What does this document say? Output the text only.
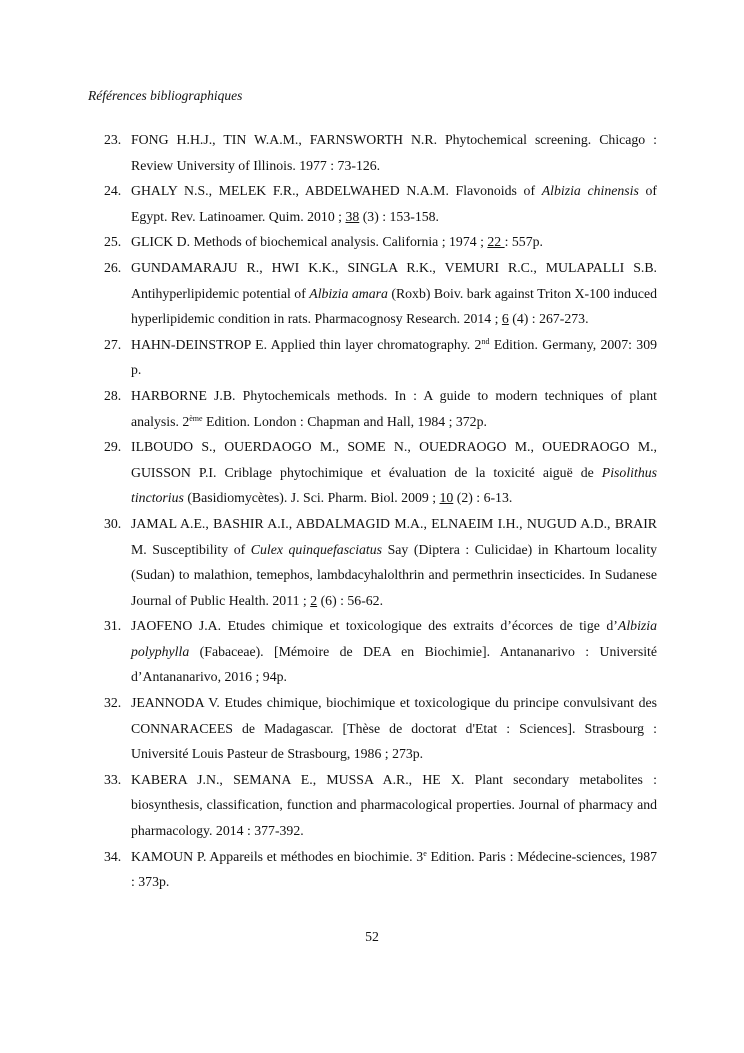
Références bibliographiques
23. FONG H.H.J., TIN W.A.M., FARNSWORTH N.R. Phytochemical screening. Chicago : Review University of Illinois. 1977 : 73-126.
24. GHALY N.S., MELEK F.R., ABDELWAHED N.A.M. Flavonoids of Albizia chinensis of Egypt. Rev. Latinoamer. Quim. 2010 ; 38 (3) : 153-158.
25. GLICK D. Methods of biochemical analysis. California ; 1974 ; 22 : 557p.
26. GUNDAMARAJU R., HWI K.K., SINGLA R.K., VEMURI R.C., MULAPALLI S.B. Antihyperlipidemic potential of Albizia amara (Roxb) Boiv. bark against Triton X-100 induced hyperlipidemic condition in rats. Pharmacognosy Research. 2014 ; 6 (4) : 267-273.
27. HAHN-DEINSTROP E. Applied thin layer chromatography. 2nd Edition. Germany, 2007: 309 p.
28. HARBORNE J.B. Phytochemicals methods. In : A guide to modern techniques of plant analysis. 2ème Edition. London : Chapman and Hall, 1984 ; 372p.
29. ILBOUDO S., OUERDAOGO M., SOME N., OUEDRAOGO M., OUEDRAOGO M., GUISSON P.I. Criblage phytochimique et évaluation de la toxicité aiguë de Pisolithus tinctorius (Basidiomycètes). J. Sci. Pharm. Biol. 2009 ; 10 (2) : 6-13.
30. JAMAL A.E., BASHIR A.I., ABDALMAGID M.A., ELNAEIM I.H., NUGUD A.D., BRAIR M. Susceptibility of Culex quinquefasciatus Say (Diptera : Culicidae) in Khartoum locality (Sudan) to malathion, temephos, lambdacyhalolthrin and permethrin insecticides. In Sudanese Journal of Public Health. 2011 ; 2 (6) : 56-62.
31. JAOFENO J.A. Etudes chimique et toxicologique des extraits d’écorces de tige d’Albizia polyphylla (Fabaceae). [Mémoire de DEA en Biochimie]. Antananarivo : Université d’Antananarivo, 2016 ; 94p.
32. JEANNODA V. Etudes chimique, biochimique et toxicologique du principe convulsivant des CONNARACEES de Madagascar. [Thèse de doctorat d'Etat : Sciences]. Strasbourg : Université Louis Pasteur de Strasbourg, 1986 ; 273p.
33. KABERA J.N., SEMANA E., MUSSA A.R., HE X. Plant secondary metabolites : biosynthesis, classification, function and pharmacological properties. Journal of pharmacy and pharmacology. 2014 : 377-392.
34. KAMOUN P. Appareils et méthodes en biochimie. 3e Edition. Paris : Médecine-sciences, 1987 : 373p.
52
